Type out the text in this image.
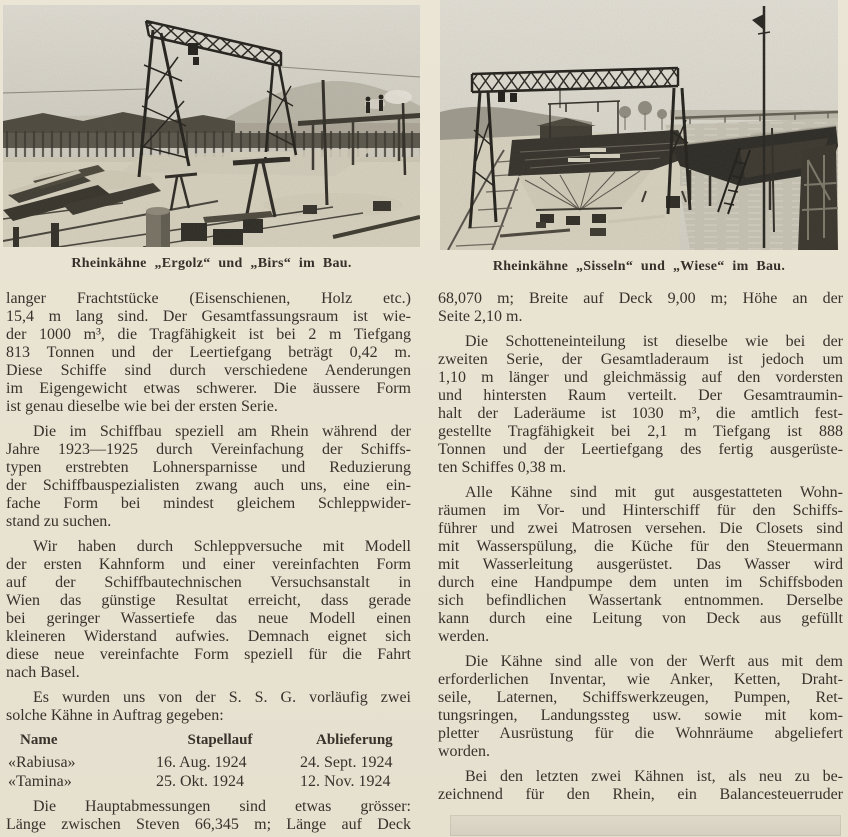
Rheinkähne „Ergolz“ und „Birs“ im Bau.	Rheinkähne „Sisseln“ und „Wiese“ im Bau.
langer Frachtstücke (Eisenschienen, Holz etc.)
15,4 m lang sind. Der Gesamtfassungsraum ist wie-
der 1000 m³, die Tragfähigkeit ist bei 2 m Tiefgang
813 Tonnen und der Leertiefgang beträgt 0,42 m.
Diese Schiffe sind durch verschiedene Aenderungen
im Eigengewicht etwas schwerer. Die äussere Form
ist genau dieselbe wie bei der ersten Serie.
Die im Schiffbau speziell am Rhein während der
Jahre 1923—1925 durch Vereinfachung der Schiffs-
typen erstrebten Lohnersparnisse und Reduzierung
der Schiffbauspezialisten zwang auch uns, eine ein-
fache Form bei mindest gleichem Schleppwider-
stand zu suchen.
Wir haben durch Schleppversuche mit Modell
der ersten Kahnform und einer vereinfachten Form
auf der Schiffbautechnischen Versuchsanstalt in
Wien das günstige Resultat erreicht, dass gerade
bei geringer Wassertiefe das neue Modell einen
kleineren Widerstand aufwies. Demnach eignet sich
diese neue vereinfachte Form speziell für die Fahrt
nach Basel.
Es wurden uns von der S. S. G. vorläufig zwei
solche Kähne in Auftrag gegeben:
Name	Stapellauf	Ablieferung
«Rabiusa»	16. Aug. 1924	24. Sept. 1924
«Tamina»	25. Okt. 1924	12. Nov. 1924
Die Hauptabmessungen sind etwas grösser:
Länge zwischen Steven 66,345 m; Länge auf Deck
68,070 m; Breite auf Deck 9,00 m; Höhe an der
Seite 2,10 m.
Die Schotteneinteilung ist dieselbe wie bei der
zweiten Serie, der Gesamtladeraum ist jedoch um
1,10 m länger und gleichmässig auf den vordersten
und hintersten Raum verteilt. Der Gesamtraumin-
halt der Laderäume ist 1030 m³, die amtlich fest-
gestellte Tragfähigkeit bei 2,1 m Tiefgang ist 888
Tonnen und der Leertiefgang des fertig ausgerüste-
ten Schiffes 0,38 m.
Alle Kähne sind mit gut ausgestatteten Wohn-
räumen im Vor- und Hinterschiff für den Schiffs-
führer und zwei Matrosen versehen. Die Closets sind
mit Wasserspülung, die Küche für den Steuermann
mit Wasserleitung ausgerüstet. Das Wasser wird
durch eine Handpumpe dem unten im Schiffsboden
sich befindlichen Wassertank entnommen. Derselbe
kann durch eine Leitung von Deck aus gefüllt
werden.
Die Kähne sind alle von der Werft aus mit dem
erforderlichen Inventar, wie Anker, Ketten, Draht-
seile, Laternen, Schiffswerkzeugen, Pumpen, Ret-
tungsringen, Landungssteg usw. sowie mit kom-
pletter Ausrüstung für die Wohnräume abgeliefert
worden.
Bei den letzten zwei Kähnen ist, als neu zu be-
zeichnend für den Rhein, ein Balancesteuerruder
